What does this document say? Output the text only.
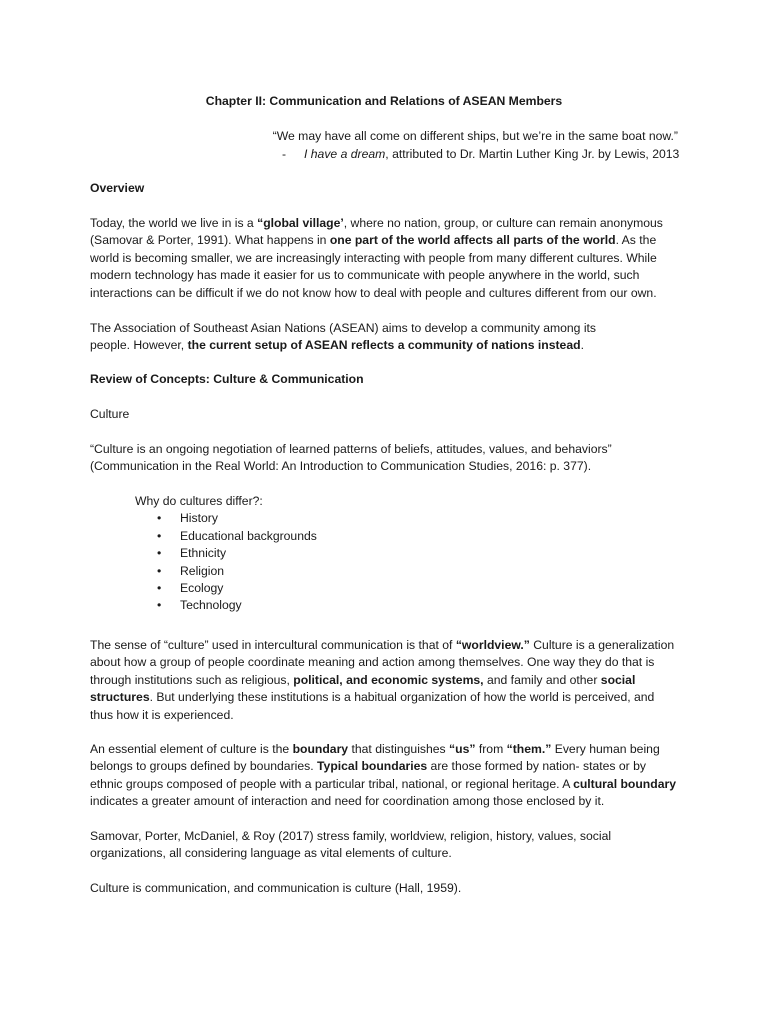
Chapter II: Communication and Relations of ASEAN Members
“We may have all come on different ships, but we’re in the same boat now.”
- I have a dream, attributed to Dr. Martin Luther King Jr. by Lewis, 2013
Overview

Today, the world we live in is a “global village’, where no nation, group, or culture can remain anonymous (Samovar & Porter, 1991). What happens in one part of the world affects all parts of the world. As the world is becoming smaller, we are increasingly interacting with people from many different cultures. While modern technology has made it easier for us to communicate with people anywhere in the world, such interactions can be difficult if we do not know how to deal with people and cultures different from our own.

The Association of Southeast Asian Nations (ASEAN) aims to develop a community among its
people. However, the current setup of ASEAN reflects a community of nations instead.

Review of Concepts: Culture & Communication
Culture

“Culture is an ongoing negotiation of learned patterns of beliefs, attitudes, values, and behaviors” (Communication in the Real World: An Introduction to Communication Studies, 2016: p. 377).

Why do cultures differ?:
• History
• Educational backgrounds
• Ethnicity
• Religion
• Ecology
• Technology

The sense of “culture” used in intercultural communication is that of “worldview.” Culture is a generalization about how a group of people coordinate meaning and action among themselves. One way they do that is through institutions such as religious, political, and economic systems, and family and other social structures. But underlying these institutions is a habitual organization of how the world is perceived, and thus how it is experienced.

An essential element of culture is the boundary that distinguishes “us” from “them.” Every human being belongs to groups defined by boundaries. Typical boundaries are those formed by nation- states or by ethnic groups composed of people with a particular tribal, national, or regional heritage. A cultural boundary indicates a greater amount of interaction and need for coordination among those enclosed by it.

Samovar, Porter, McDaniel, & Roy (2017) stress family, worldview, religion, history, values, social organizations, all considering language as vital elements of culture.

Culture is communication, and communication is culture (Hall, 1959).
